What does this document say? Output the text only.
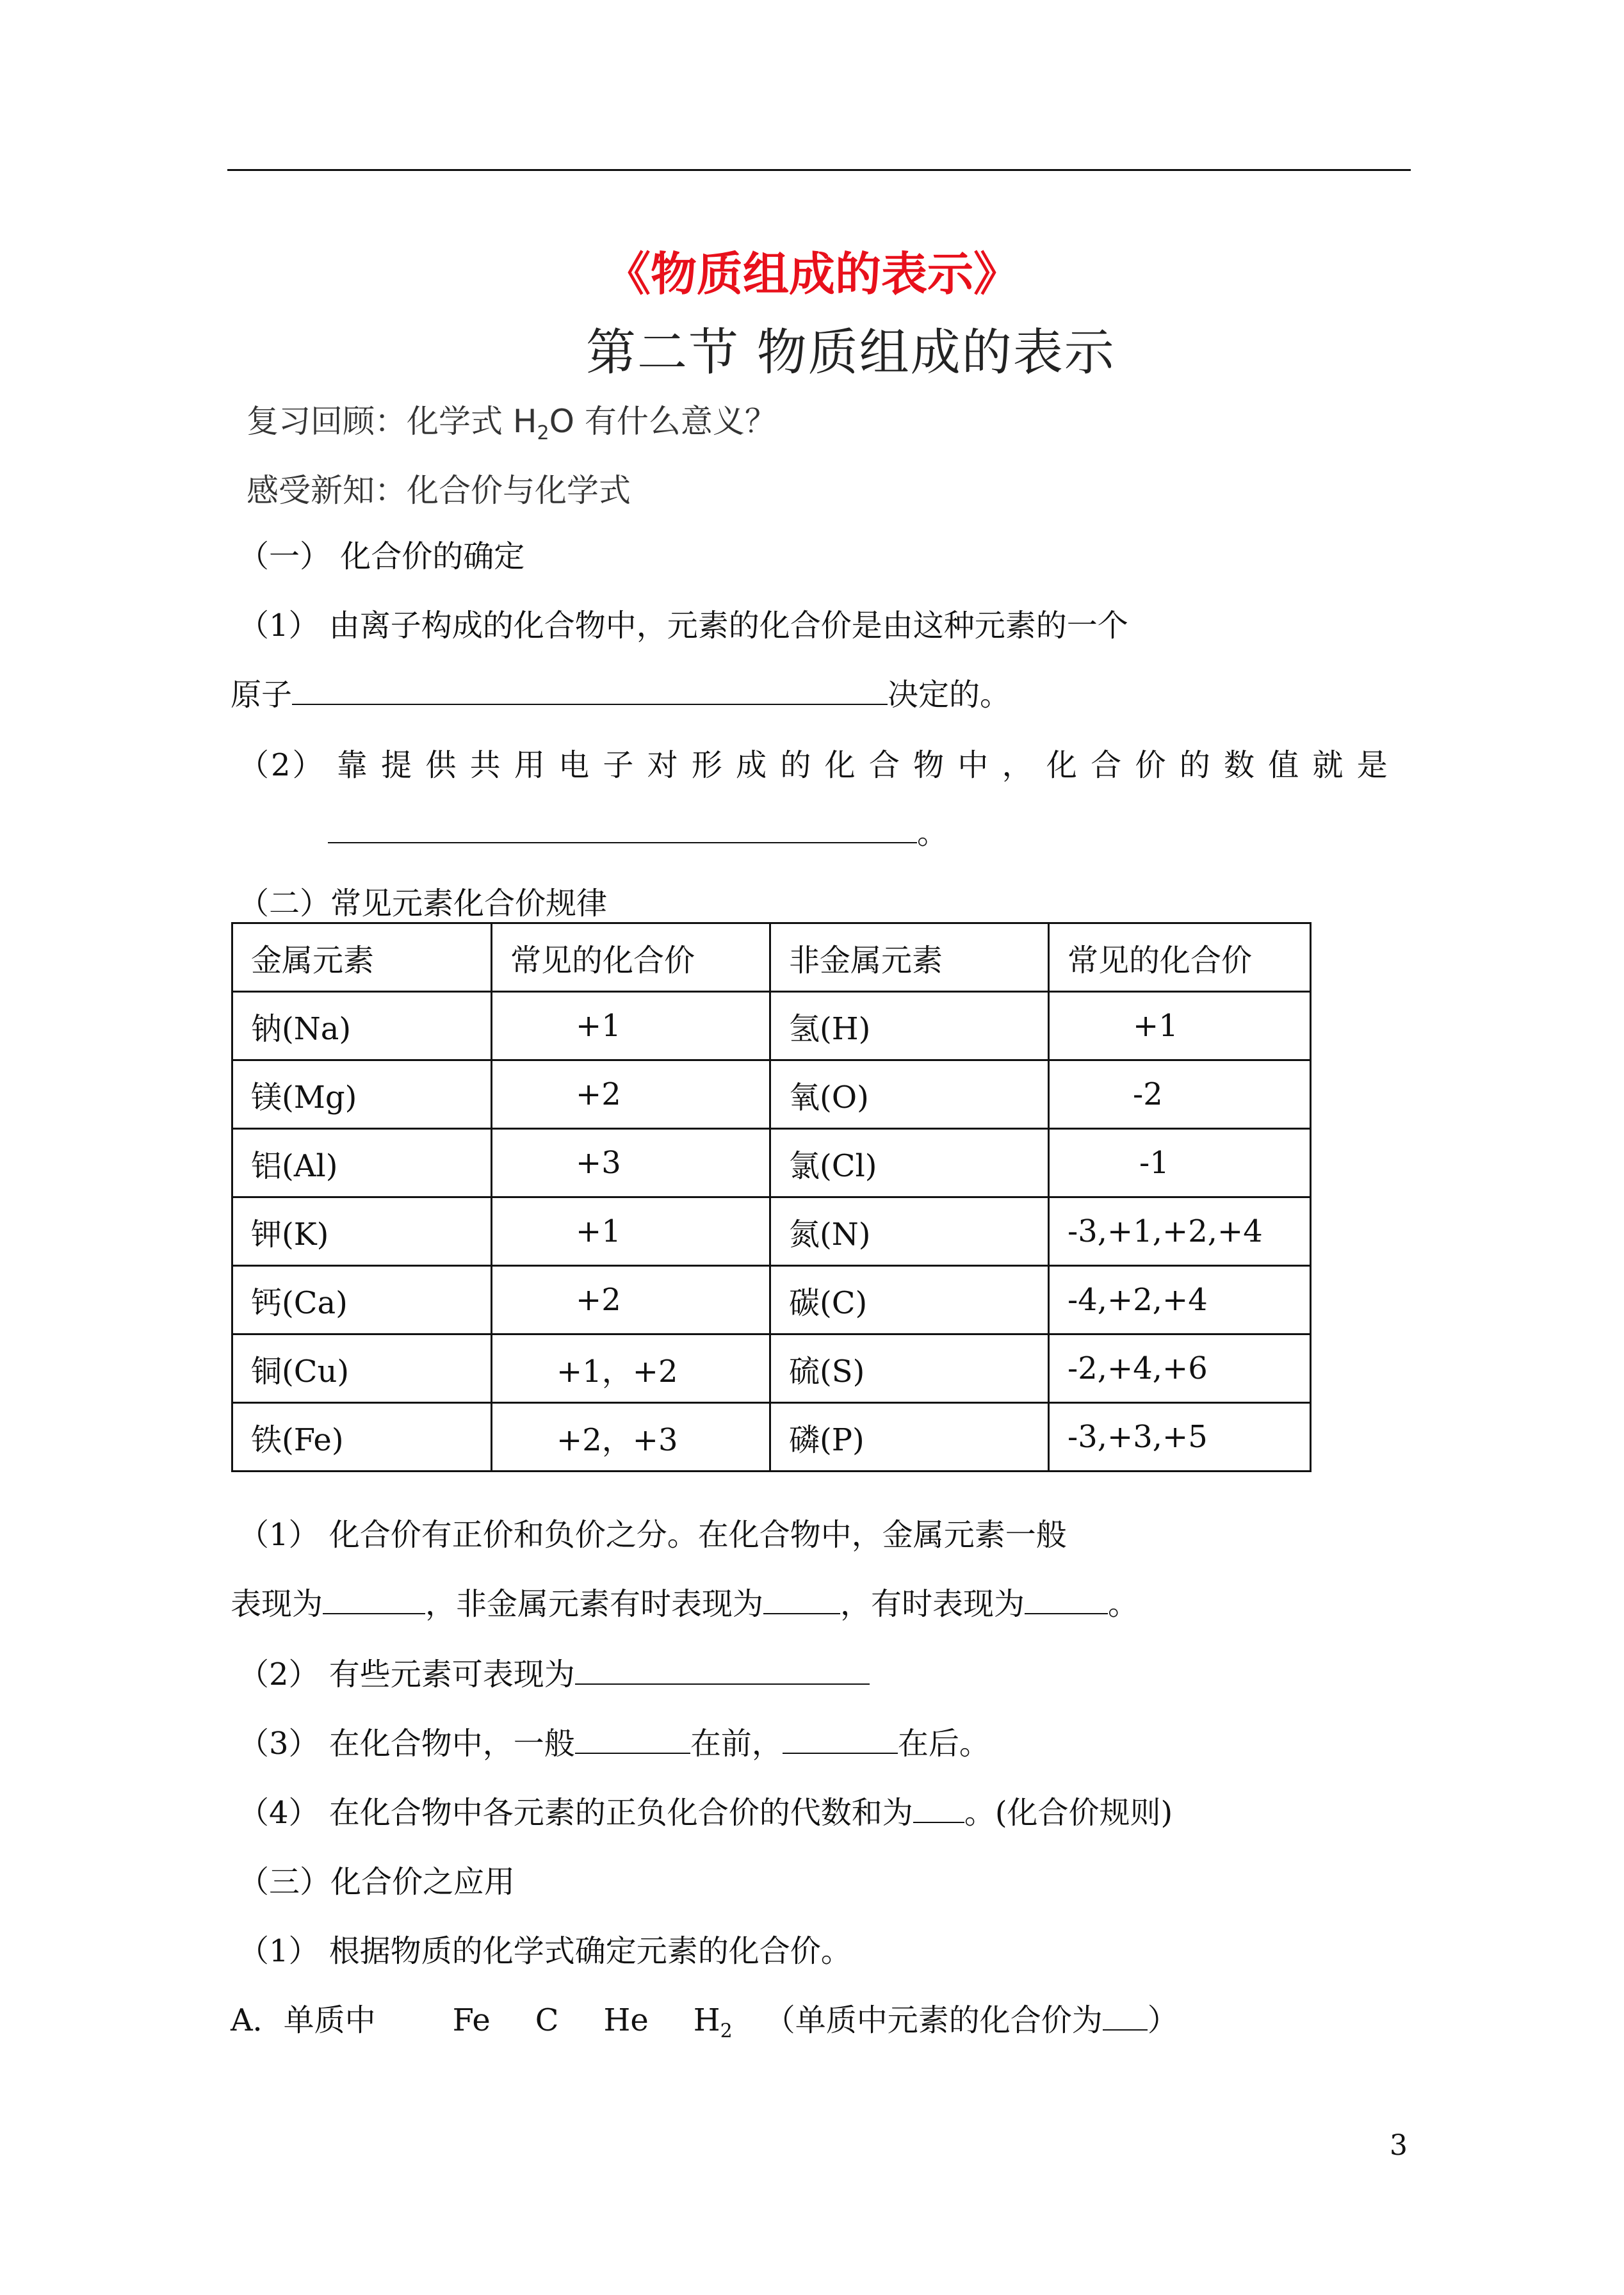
《物质组成的表示》
第二节 物质组成的表示
复习回顾：化学式 $H_2O$ 有什么意义？
感受新知：化合价与化学式
（一） 化合价的确定
（1） 由离子构成的化合物中，元素的化合价是由这种元素的一个
原子	决定的。
（2） 靠 提 供 共 用 电 子 对 形 成 的 化 合 物 中 ， 化 合 价 的 数 值 就 是
。
（二）常见元素化合价规律
金属元素	常见的化合价	非金属元素	常见的化合价
钠(Na)	+1	氢(H)	+1
镁(Mg)	+2	氧(O)	-2
铝(Al)	+3	氯(Cl)	-1
钾(K)	+1	氮(N)	-3,+1,+2,+4
钙(Ca)	+2	碳(C)	-4,+2,+4
铜(Cu)	+1，+2	硫(S)	-2,+4,+6
铁(Fe)	+2，+3	磷(P)	-3,+3,+5
（1） 化合价有正价和负价之分。在化合物中，金属元素一般
表现为	，非金属元素有时表现为	，有时表现为	。
（2） 有些元素可表现为
（3） 在化合物中，一般	在前，	在后。
（4） 在化合物中各元素的正负化合价的代数和为 。(化合价规则)
（三）化合价之应用
（1） 根据物质的化学式确定元素的化合价。
A．单质中	Fe C He $H_2$ （单质中元素的化合价为 ）
3
